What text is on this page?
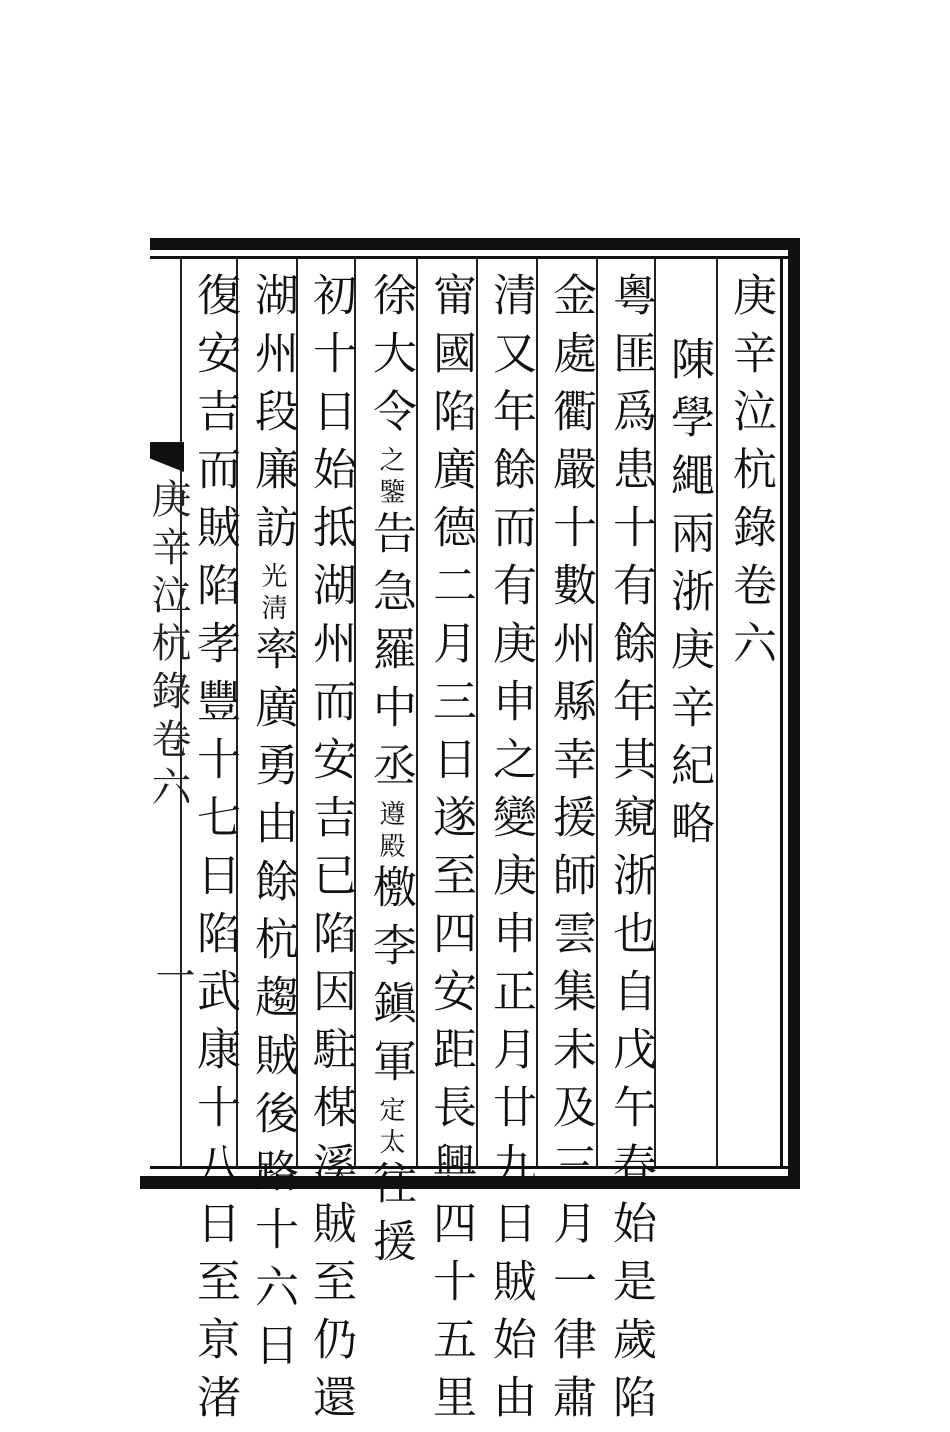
庚辛泣杭錄卷六
陳學繩兩浙庚辛紀略
粵匪爲患十有餘年其窺浙也自戊午春始是歲陷
金處衢嚴十數州縣幸援師雲集未及三月一律肅
清又年餘而有庚申之變庚申正月廿九日賊始由
甯國陷廣德二月三日遂至四安距長興四十五里
徐大令之鑒告急羅中丞遵殿檄李鎭軍定太往援
初十日始抵湖州而安吉已陷因駐楳溪賊至仍還
湖州段廉訪光淸率廣勇由餘杭趨賊後路十六日
復安吉而賊陷孝豐十七日陷武康十八日至亰渚
庚辛泣杭錄卷六
一
